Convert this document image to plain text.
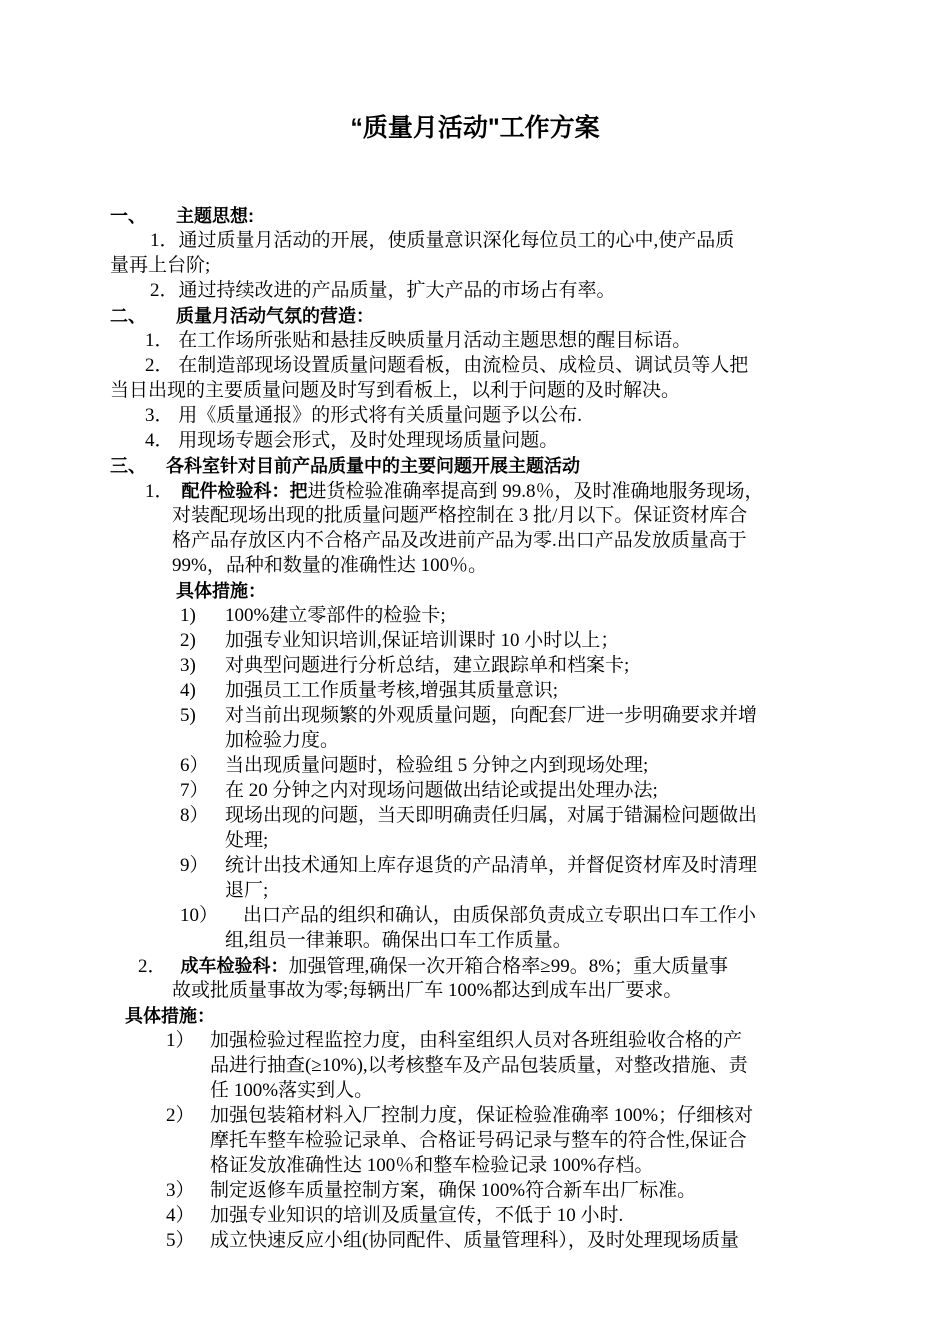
“质量月活动"工作方案
一、 主题思想:
1．通过质量月活动的开展，使质量意识深化每位员工的心中,使产品质
量再上台阶;
2．通过持续改进的产品质量，扩大产品的市场占有率。
二、 质量月活动气氛的营造：
1． 在工作场所张贴和悬挂反映质量月活动主题思想的醒目标语。
2． 在制造部现场设置质量问题看板，由流检员、成检员、调试员等人把
当日出现的主要质量问题及时写到看板上，以利于问题的及时解决。
3． 用《质量通报》的形式将有关质量问题予以公布.
4． 用现场专题会形式，及时处理现场质量问题。
三、 各科室针对目前产品质量中的主要问题开展主题活动
1． 配件检验科：把进货检验准确率提高到 99.8％，及时准确地服务现场，
对装配现场出现的批质量问题严格控制在 3 批/月以下。保证资材库合
格产品存放区内不合格产品及改进前产品为零.出口产品发放质量高于
99%，品种和数量的准确性达 100％。
具体措施：
1) 100%建立零部件的检验卡;
2) 加强专业知识培训,保证培训课时 10 小时以上；
3) 对典型问题进行分析总结，建立跟踪单和档案卡;
4) 加强员工工作质量考核,增强其质量意识;
5) 对当前出现频繁的外观质量问题，向配套厂进一步明确要求并增
加检验力度。
6） 当出现质量问题时，检验组 5 分钟之内到现场处理;
7） 在 20 分钟之内对现场问题做出结论或提出处理办法;
8） 现场出现的问题，当天即明确责任归属，对属于错漏检问题做出
处理;
9） 统计出技术通知上库存退货的产品清单，并督促资材库及时清理
退厂;
10） 出口产品的组织和确认，由质保部负责成立专职出口车工作小
组,组员一律兼职。确保出口车工作质量。
2． 成车检验科：加强管理,确保一次开箱合格率≥99。8%；重大质量事
故或批质量事故为零;每辆出厂车 100%都达到成车出厂要求。
具体措施：
1） 加强检验过程监控力度，由科室组织人员对各班组验收合格的产
品进行抽查(≥10%),以考核整车及产品包装质量，对整改措施、责
任 100%落实到人。
2） 加强包装箱材料入厂控制力度，保证检验准确率 100%；仔细核对
摩托车整车检验记录单、合格证号码记录与整车的符合性,保证合
格证发放准确性达 100％和整车检验记录 100%存档。
3） 制定返修车质量控制方案，确保 100%符合新车出厂标准。
4） 加强专业知识的培训及质量宣传，不低于 10 小时.
5） 成立快速反应小组(协同配件、质量管理科），及时处理现场质量
